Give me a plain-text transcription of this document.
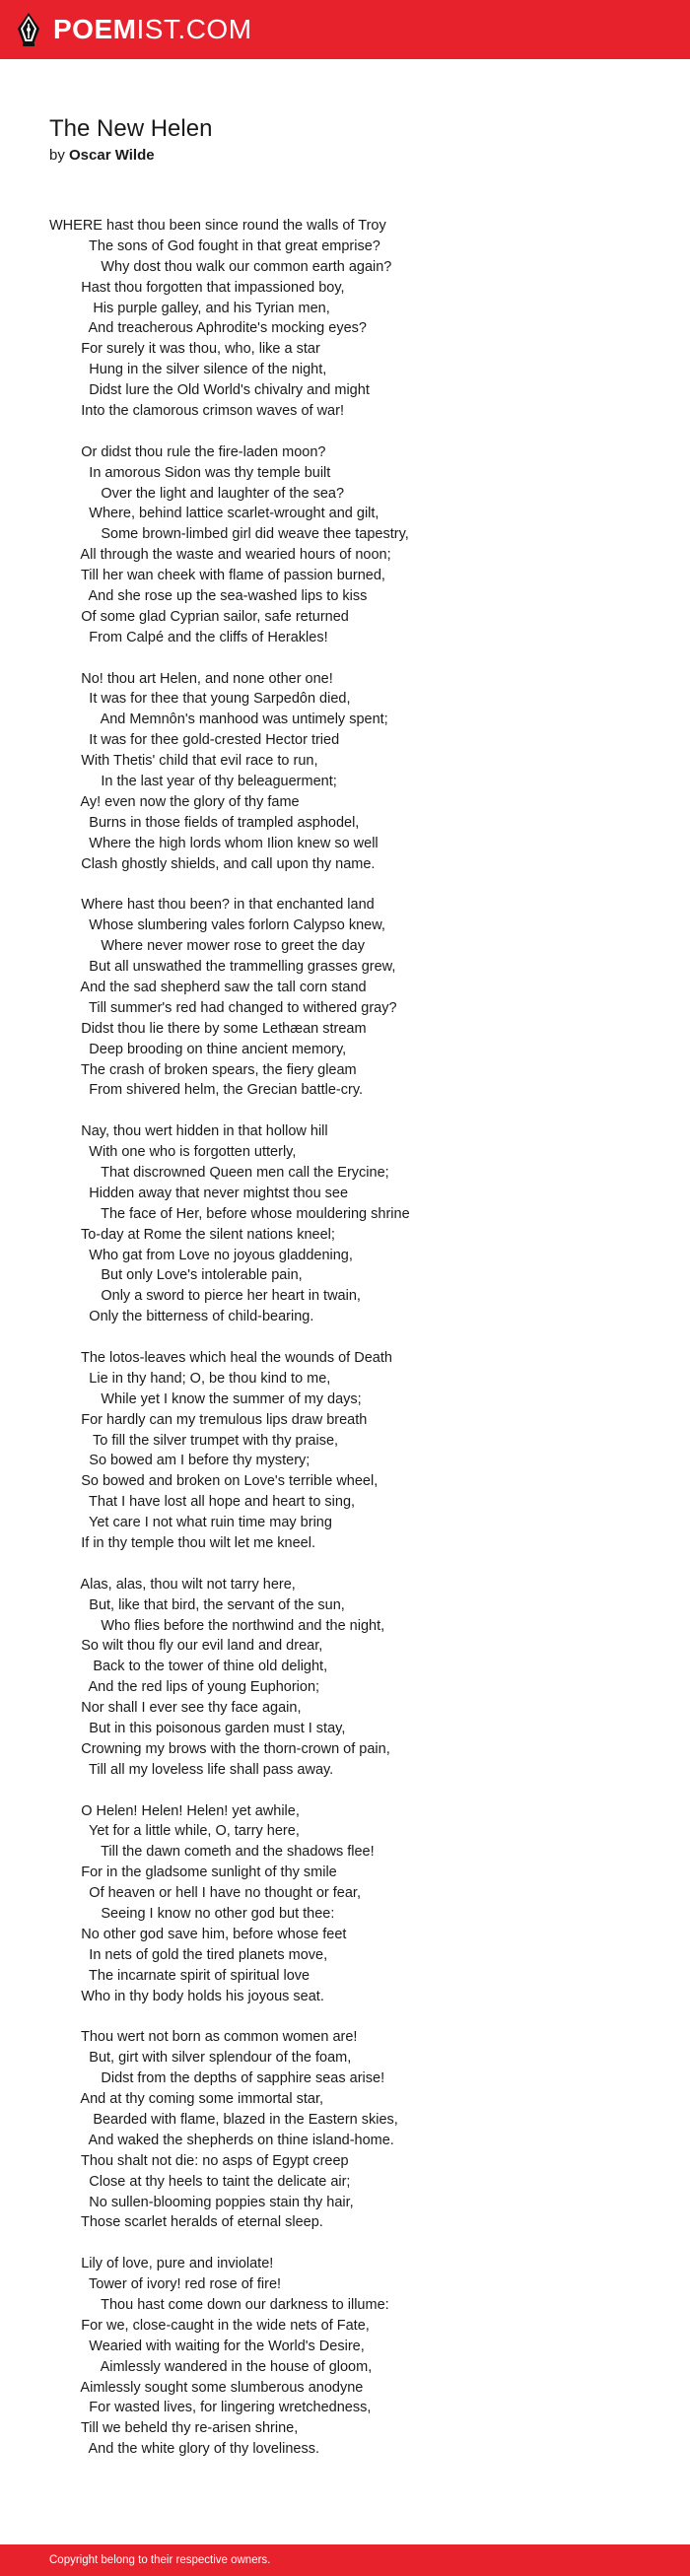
POEMIST.COM
The New Helen
by Oscar Wilde
WHERE hast thou been since round the walls of Troy
The sons of God fought in that great emprise?
Why dost thou walk our common earth again?
Hast thou forgotten that impassioned boy,
His purple galley, and his Tyrian men,
And treacherous Aphrodite's mocking eyes?
For surely it was thou, who, like a star
Hung in the silver silence of the night,
Didst lure the Old World's chivalry and might
Into the clamorous crimson waves of war!
Or didst thou rule the fire-laden moon?
In amorous Sidon was thy temple built
Over the light and laughter of the sea?
Where, behind lattice scarlet-wrought and gilt,
Some brown-limbed girl did weave thee tapestry,
All through the waste and wearied hours of noon;
Till her wan cheek with flame of passion burned,
And she rose up the sea-washed lips to kiss
Of some glad Cyprian sailor, safe returned
From Calpé and the cliffs of Herakles!
No! thou art Helen, and none other one!
It was for thee that young Sarpedôn died,
And Memnôn's manhood was untimely spent;
It was for thee gold-crested Hector tried
With Thetis' child that evil race to run,
In the last year of thy beleaguerment;
Ay! even now the glory of thy fame
Burns in those fields of trampled asphodel,
Where the high lords whom Ilion knew so well
Clash ghostly shields, and call upon thy name.
Where hast thou been? in that enchanted land
Whose slumbering vales forlorn Calypso knew,
Where never mower rose to greet the day
But all unswathed the trammelling grasses grew,
And the sad shepherd saw the tall corn stand
Till summer's red had changed to withered gray?
Didst thou lie there by some Lethæan stream
Deep brooding on thine ancient memory,
The crash of broken spears, the fiery gleam
From shivered helm, the Grecian battle-cry.
Nay, thou wert hidden in that hollow hill
With one who is forgotten utterly,
That discrowned Queen men call the Erycine;
Hidden away that never mightst thou see
The face of Her, before whose mouldering shrine
To-day at Rome the silent nations kneel;
Who gat from Love no joyous gladdening,
But only Love's intolerable pain,
Only a sword to pierce her heart in twain,
Only the bitterness of child-bearing.
The lotos-leaves which heal the wounds of Death
Lie in thy hand; O, be thou kind to me,
While yet I know the summer of my days;
For hardly can my tremulous lips draw breath
To fill the silver trumpet with thy praise,
So bowed am I before thy mystery;
So bowed and broken on Love's terrible wheel,
That I have lost all hope and heart to sing,
Yet care I not what ruin time may bring
If in thy temple thou wilt let me kneel.
Alas, alas, thou wilt not tarry here,
But, like that bird, the servant of the sun,
Who flies before the northwind and the night,
So wilt thou fly our evil land and drear,
Back to the tower of thine old delight,
And the red lips of young Euphorion;
Nor shall I ever see thy face again,
But in this poisonous garden must I stay,
Crowning my brows with the thorn-crown of pain,
Till all my loveless life shall pass away.
O Helen! Helen! Helen! yet awhile,
Yet for a little while, O, tarry here,
Till the dawn cometh and the shadows flee!
For in the gladsome sunlight of thy smile
Of heaven or hell I have no thought or fear,
Seeing I know no other god but thee:
No other god save him, before whose feet
In nets of gold the tired planets move,
The incarnate spirit of spiritual love
Who in thy body holds his joyous seat.
Thou wert not born as common women are!
But, girt with silver splendour of the foam,
Didst from the depths of sapphire seas arise!
And at thy coming some immortal star,
Bearded with flame, blazed in the Eastern skies,
And waked the shepherds on thine island-home.
Thou shalt not die: no asps of Egypt creep
Close at thy heels to taint the delicate air;
No sullen-blooming poppies stain thy hair,
Those scarlet heralds of eternal sleep.
Lily of love, pure and inviolate!
Tower of ivory! red rose of fire!
Thou hast come down our darkness to illume:
For we, close-caught in the wide nets of Fate,
Wearied with waiting for the World's Desire,
Aimlessly wandered in the house of gloom,
Aimlessly sought some slumberous anodyne
For wasted lives, for lingering wretchedness,
Till we beheld thy re-arisen shrine,
And the white glory of thy loveliness.
Copyright belong to their respective owners.
